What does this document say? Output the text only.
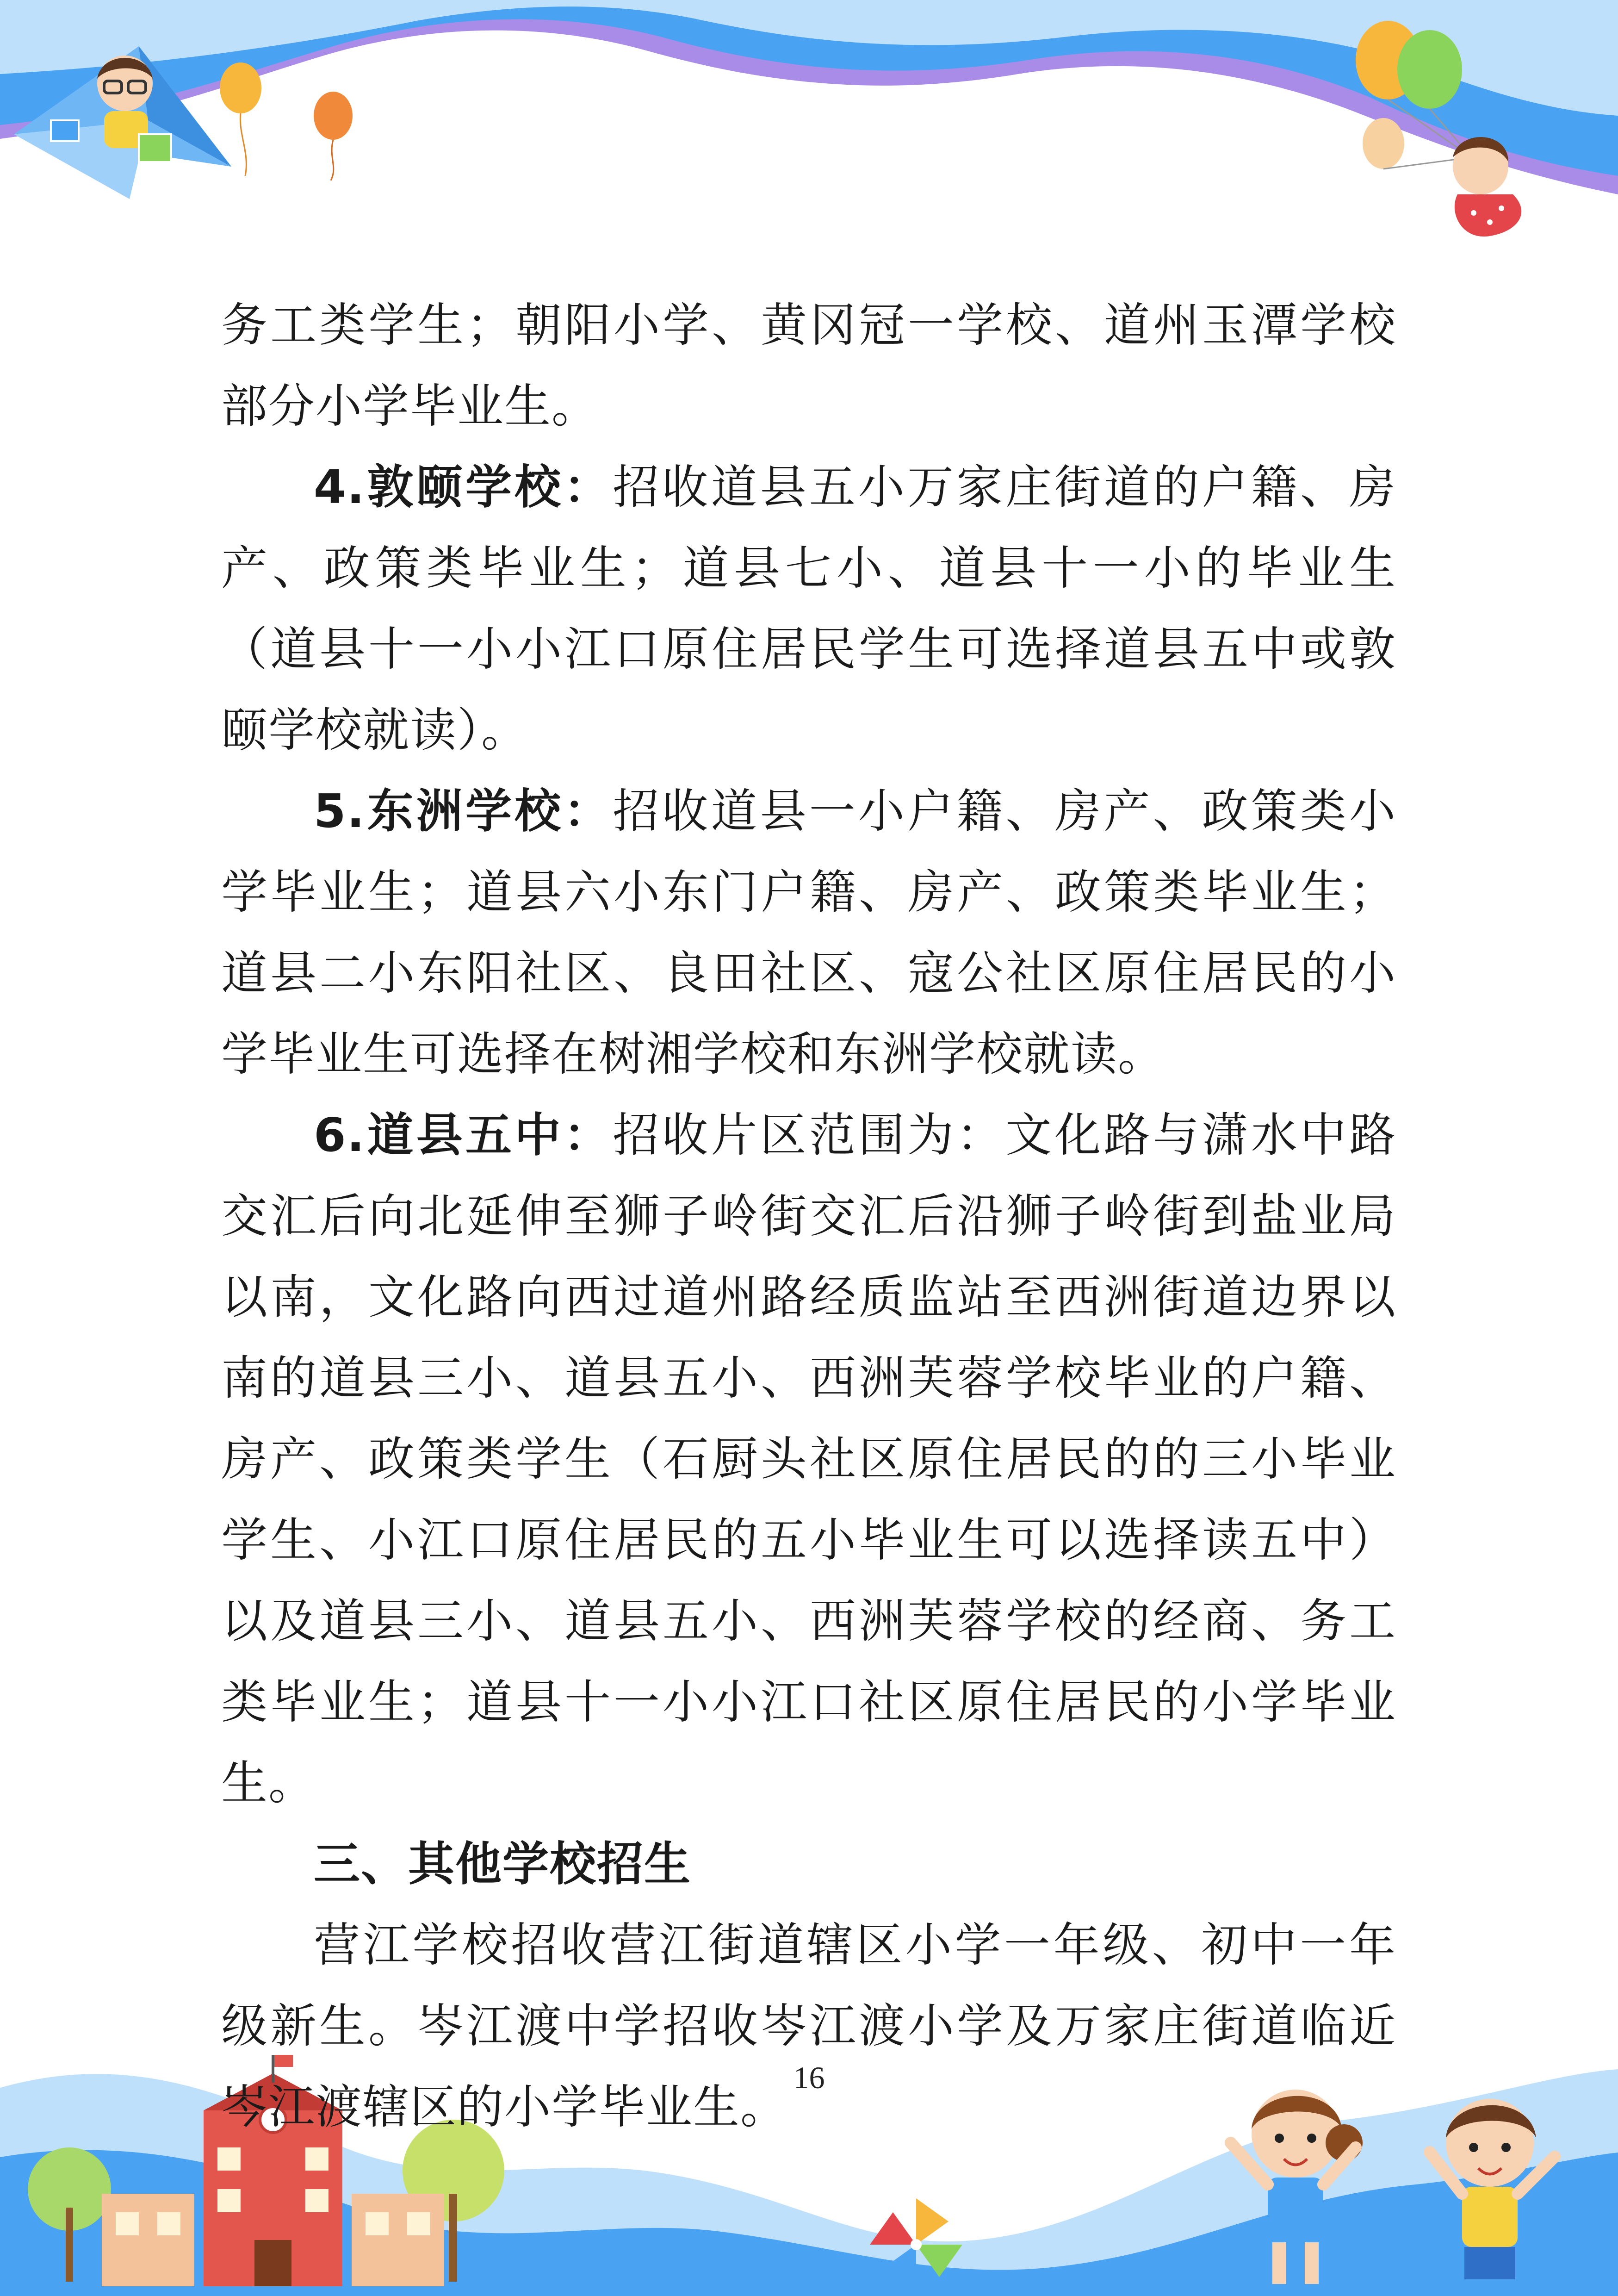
务工类学生；朝阳小学、黄冈冠一学校、道州玉潭学校部分小学毕业生。

4.敦颐学校：招收道县五小万家庄街道的户籍、房产、政策类毕业生；道县七小、道县十一小的毕业生（道县十一小小江口原住居民学生可选择道县五中或敦颐学校就读）。

5.东洲学校：招收道县一小户籍、房产、政策类小学毕业生；道县六小东门户籍、房产、政策类毕业生；道县二小东阳社区、良田社区、寇公社区原住居民的小学毕业生可选择在树湘学校和东洲学校就读。

6.道县五中：招收片区范围为：文化路与潇水中路交汇后向北延伸至狮子岭街交汇后沿狮子岭街到盐业局以南，文化路向西过道州路经质监站至西洲街道边界以南的道县三小、道县五小、西洲芙蓉学校毕业的户籍、房产、政策类学生（石厨头社区原住居民的的三小毕业学生、小江口原住居民的五小毕业生可以选择读五中）以及道县三小、道县五小、西洲芙蓉学校的经商、务工类毕业生；道县十一小小江口社区原住居民的小学毕业生。

三、其他学校招生

营江学校招收营江街道辖区小学一年级、初中一年级新生。岑江渡中学招收岑江渡小学及万家庄街道临近岑江渡辖区的小学毕业生。

16
